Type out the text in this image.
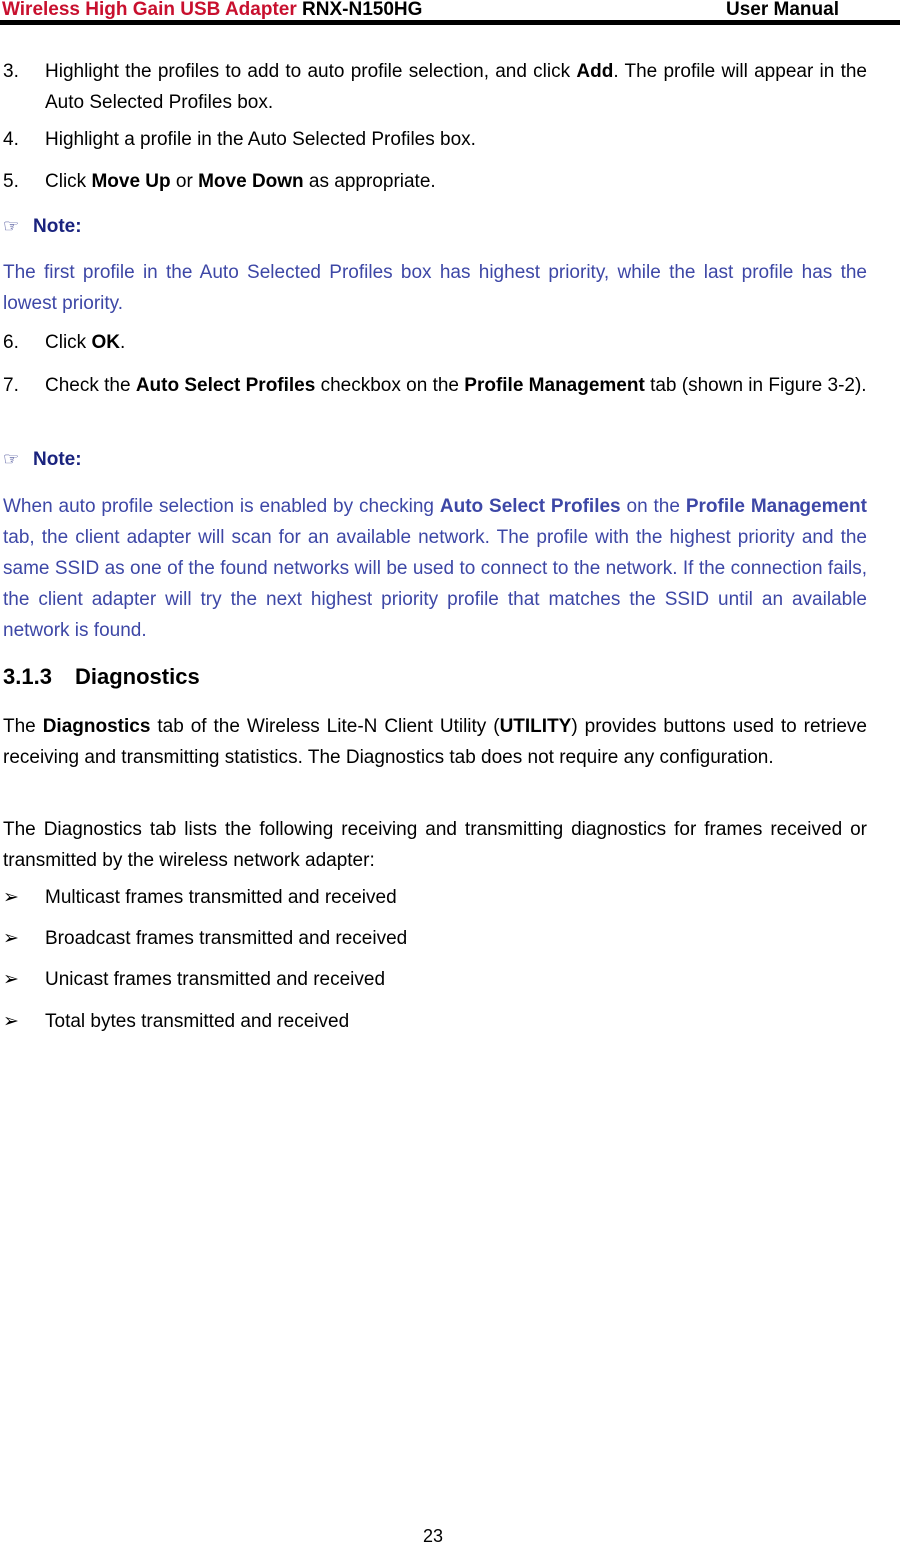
Wireless High Gain USB Adapter RNX-N150HG	User Manual
3. Highlight the profiles to add to auto profile selection, and click Add. The profile will appear in the Auto Selected Profiles box.
4. Highlight a profile in the Auto Selected Profiles box.
5. Click Move Up or Move Down as appropriate.
☞ Note:
The first profile in the Auto Selected Profiles box has highest priority, while the last profile has the lowest priority.
6. Click OK.
7. Check the Auto Select Profiles checkbox on the Profile Management tab (shown in Figure 3-2).
☞ Note:
When auto profile selection is enabled by checking Auto Select Profiles on the Profile Management tab, the client adapter will scan for an available network. The profile with the highest priority and the same SSID as one of the found networks will be used to connect to the network. If the connection fails, the client adapter will try the next highest priority profile that matches the SSID until an available network is found.
3.1.3 Diagnostics
The Diagnostics tab of the Wireless Lite-N Client Utility (UTILITY) provides buttons used to retrieve receiving and transmitting statistics. The Diagnostics tab does not require any configuration.
The Diagnostics tab lists the following receiving and transmitting diagnostics for frames received or transmitted by the wireless network adapter:
➢ Multicast frames transmitted and received
➢ Broadcast frames transmitted and received
➢ Unicast frames transmitted and received
➢ Total bytes transmitted and received
23
